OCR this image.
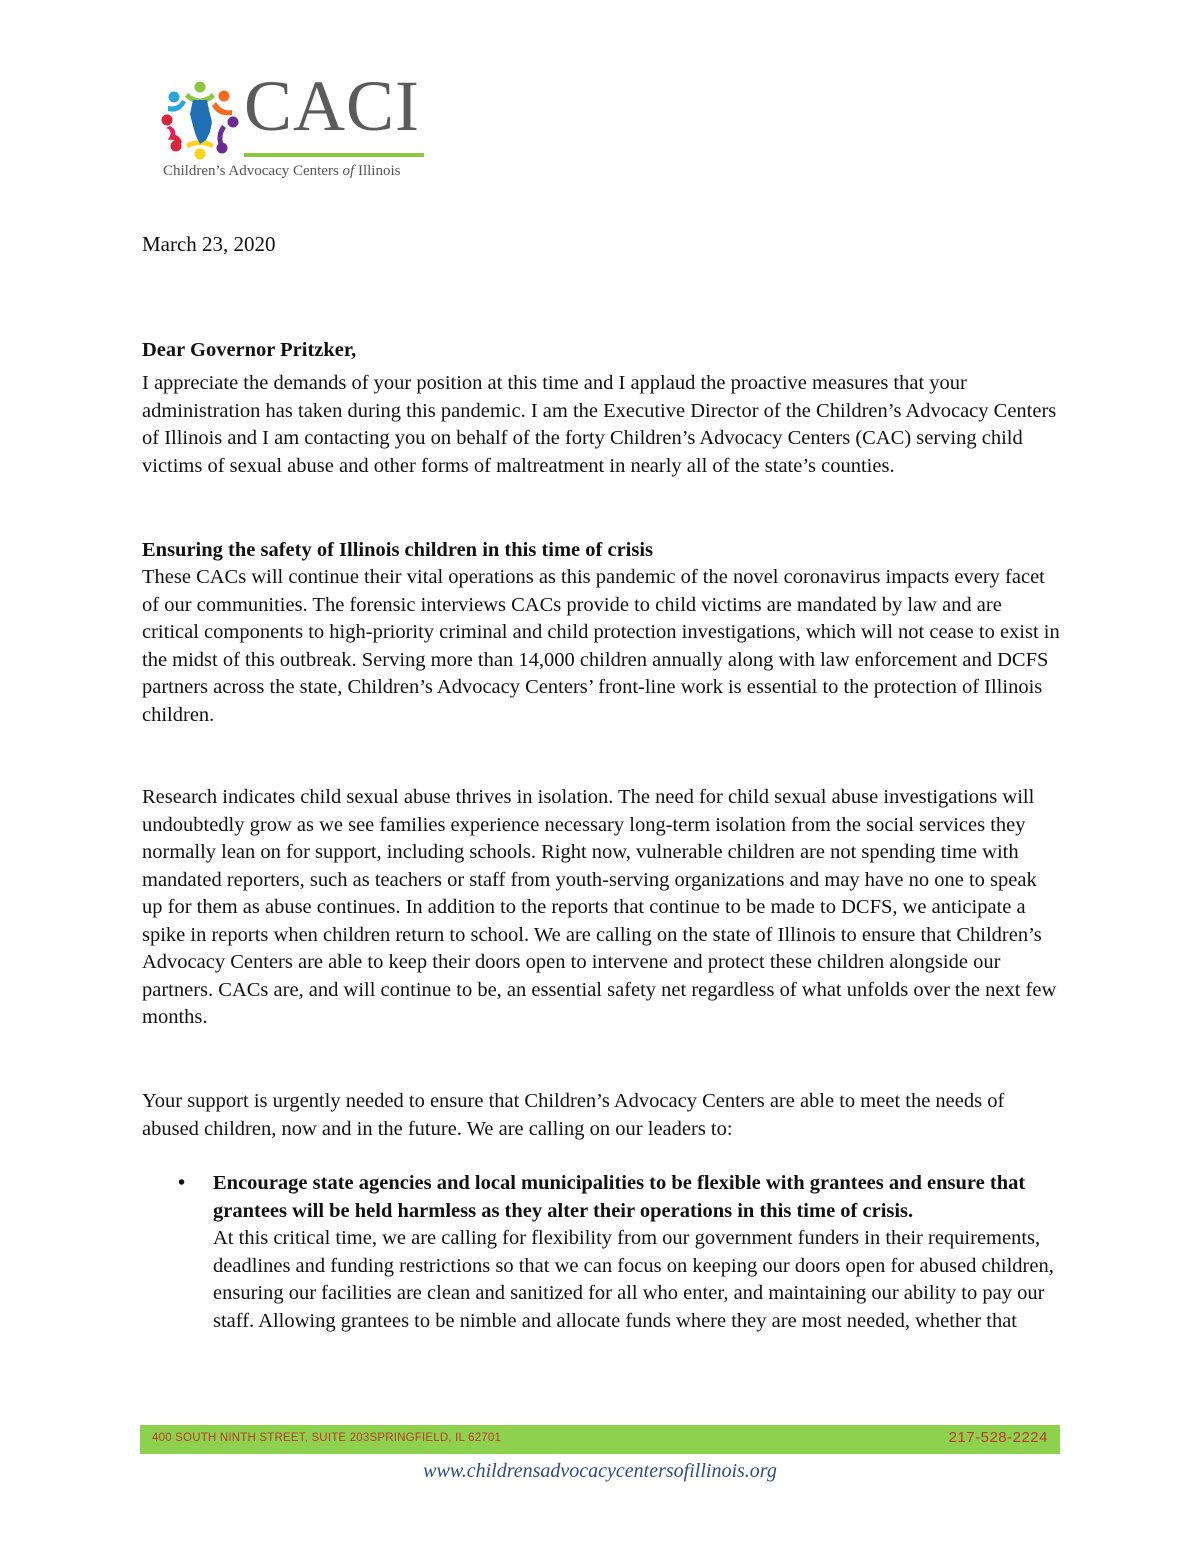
CACI
Children’s Advocacy Centers of Illinois
March 23, 2020
Dear Governor Pritzker,
I appreciate the demands of your position at this time and I applaud the proactive measures that your administration has taken during this pandemic. I am the Executive Director of the Children’s Advocacy Centers of Illinois and I am contacting you on behalf of the forty Children’s Advocacy Centers (CAC) serving child victims of sexual abuse and other forms of maltreatment in nearly all of the state’s counties.
Ensuring the safety of Illinois children in this time of crisis
These CACs will continue their vital operations as this pandemic of the novel coronavirus impacts every facet of our communities. The forensic interviews CACs provide to child victims are mandated by law and are critical components to high-priority criminal and child protection investigations, which will not cease to exist in the midst of this outbreak. Serving more than 14,000 children annually along with law enforcement and DCFS partners across the state, Children’s Advocacy Centers’ front-line work is essential to the protection of Illinois children.
Research indicates child sexual abuse thrives in isolation. The need for child sexual abuse investigations will undoubtedly grow as we see families experience necessary long-term isolation from the social services they normally lean on for support, including schools. Right now, vulnerable children are not spending time with mandated reporters, such as teachers or staff from youth-serving organizations and may have no one to speak up for them as abuse continues. In addition to the reports that continue to be made to DCFS, we anticipate a spike in reports when children return to school. We are calling on the state of Illinois to ensure that Children’s Advocacy Centers are able to keep their doors open to intervene and protect these children alongside our partners. CACs are, and will continue to be, an essential safety net regardless of what unfolds over the next few months.
Your support is urgently needed to ensure that Children’s Advocacy Centers are able to meet the needs of abused children, now and in the future. We are calling on our leaders to:
• Encourage state agencies and local municipalities to be flexible with grantees and ensure that grantees will be held harmless as they alter their operations in this time of crisis.
At this critical time, we are calling for flexibility from our government funders in their requirements, deadlines and funding restrictions so that we can focus on keeping our doors open for abused children, ensuring our facilities are clean and sanitized for all who enter, and maintaining our ability to pay our staff. Allowing grantees to be nimble and allocate funds where they are most needed, whether that
400 SOUTH NINTH STREET, SUITE 203SPRINGFIELD, IL 62701	217-528-2224
www.childrensadvocacycentersofillinois.org
